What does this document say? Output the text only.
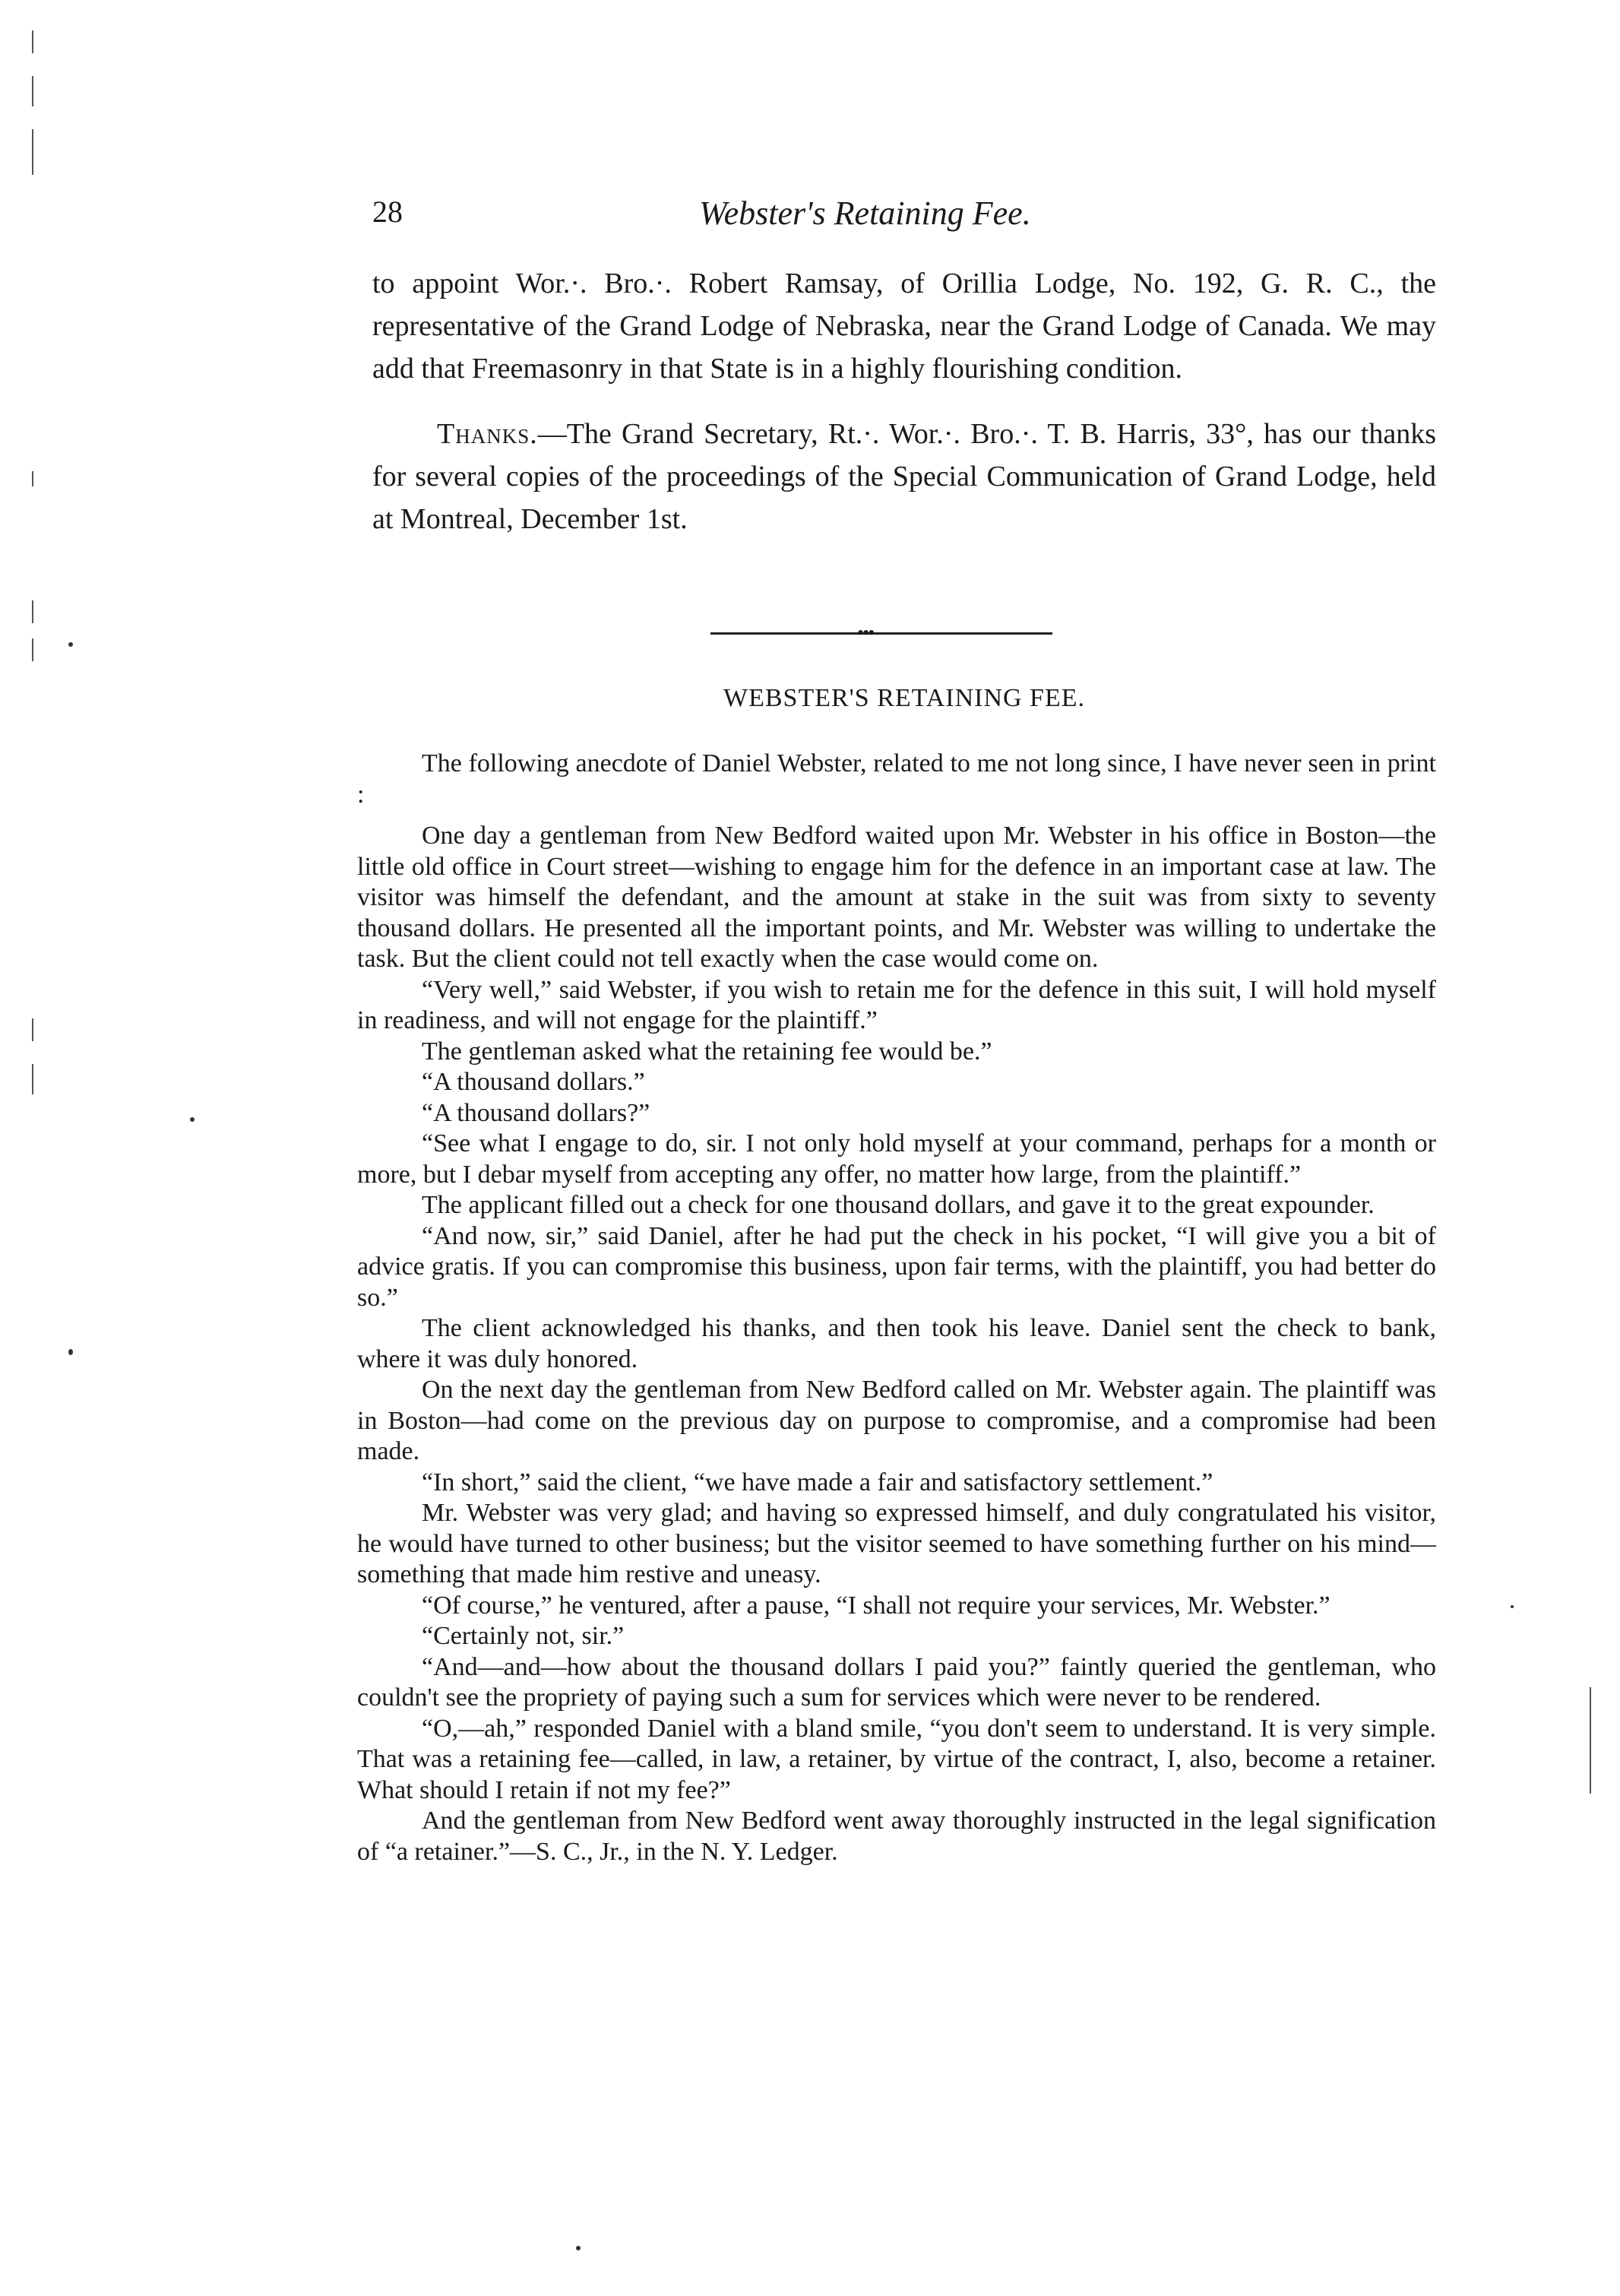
28	Webster's Retaining Fee.

to appoint Wor.·. Bro.·. Robert Ramsay, of Orillia Lodge, No. 192, G. R. C., the representative of the Grand Lodge of Nebraska, near the Grand Lodge of Canada. We may add that Freemasonry in that State is in a highly flourishing condition.

Thanks.—The Grand Secretary, Rt.·. Wor.·. Bro.·. T. B. Harris, 33°, has our thanks for several copies of the proceedings of the Special Communication of Grand Lodge, held at Montreal, December 1st.

•••
WEBSTER'S RETAINING FEE.

The following anecdote of Daniel Webster, related to me not long since, I have never seen in print :

One day a gentleman from New Bedford waited upon Mr. Webster in his office in Boston—the little old office in Court street—wishing to engage him for the defence in an important case at law. The visitor was himself the defendant, and the amount at stake in the suit was from sixty to seventy thousand dollars. He presented all the important points, and Mr. Webster was willing to undertake the task. But the client could not tell exactly when the case would come on.

“Very well,” said Webster, if you wish to retain me for the defence in this suit, I will hold myself in readiness, and will not engage for the plaintiff.”

The gentleman asked what the retaining fee would be.”

“A thousand dollars.”

“A thousand dollars?”

“See what I engage to do, sir. I not only hold myself at your command, perhaps for a month or more, but I debar myself from accepting any offer, no matter how large, from the plaintiff.”

The applicant filled out a check for one thousand dollars, and gave it to the great expounder.

“And now, sir,” said Daniel, after he had put the check in his pocket, “I will give you a bit of advice gratis. If you can compromise this business, upon fair terms, with the plaintiff, you had better do so.”

The client acknowledged his thanks, and then took his leave. Daniel sent the check to bank, where it was duly honored.

On the next day the gentleman from New Bedford called on Mr. Webster again. The plaintiff was in Boston—had come on the previous day on purpose to compromise, and a compromise had been made.

“In short,” said the client, “we have made a fair and satisfactory settlement.”

Mr. Webster was very glad; and having so expressed himself, and duly congratulated his visitor, he would have turned to other business; but the visitor seemed to have something further on his mind—something that made him restive and uneasy.

“Of course,” he ventured, after a pause, “I shall not require your services, Mr. Webster.”

“Certainly not, sir.”

“And—and—how about the thousand dollars I paid you?” faintly queried the gentleman, who couldn't see the propriety of paying such a sum for services which were never to be rendered.

“O,—ah,” responded Daniel with a bland smile, “you don't seem to understand. It is very simple. That was a retaining fee—called, in law, a retainer, by virtue of the contract, I, also, become a retainer. What should I retain if not my fee?”

And the gentleman from New Bedford went away thoroughly instructed in the legal signification of “a retainer.”—S. C., Jr., in the N. Y. Ledger.
